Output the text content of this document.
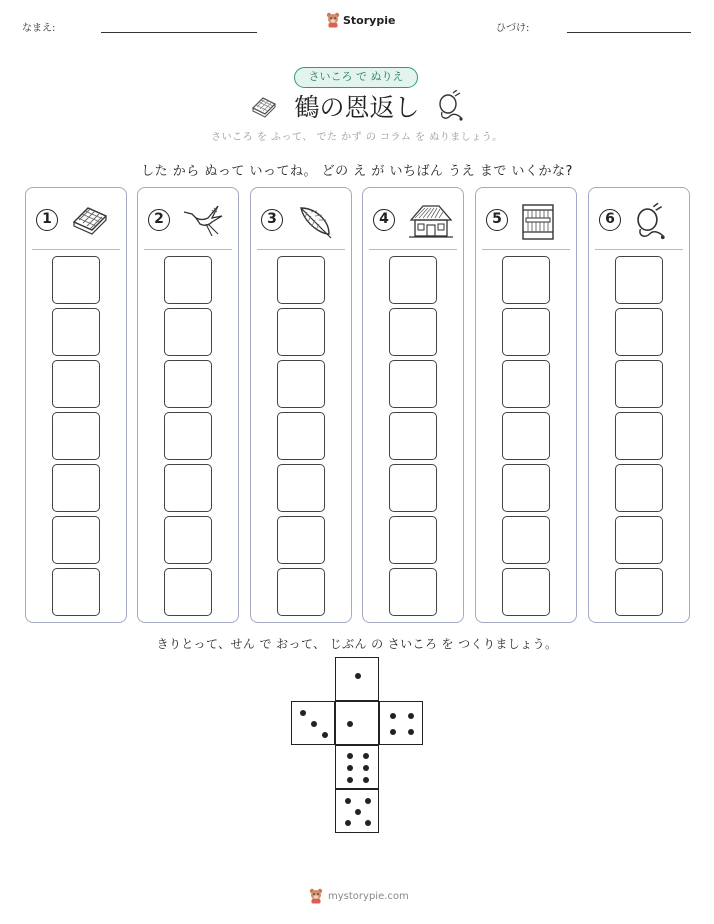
なまえ:
Storypie
ひづけ:
さいころ で ぬりえ
鶴の恩返し
さいころ を ふって、 でた かず の コラム を ぬりましょう。
した から ぬって いってね。 どの え が いちばん うえ まで いくかな?
1	2	3	4	5	6
きりとって、せん で おって、 じぶん の さいころ を つくりましょう。
mystorypie.com
